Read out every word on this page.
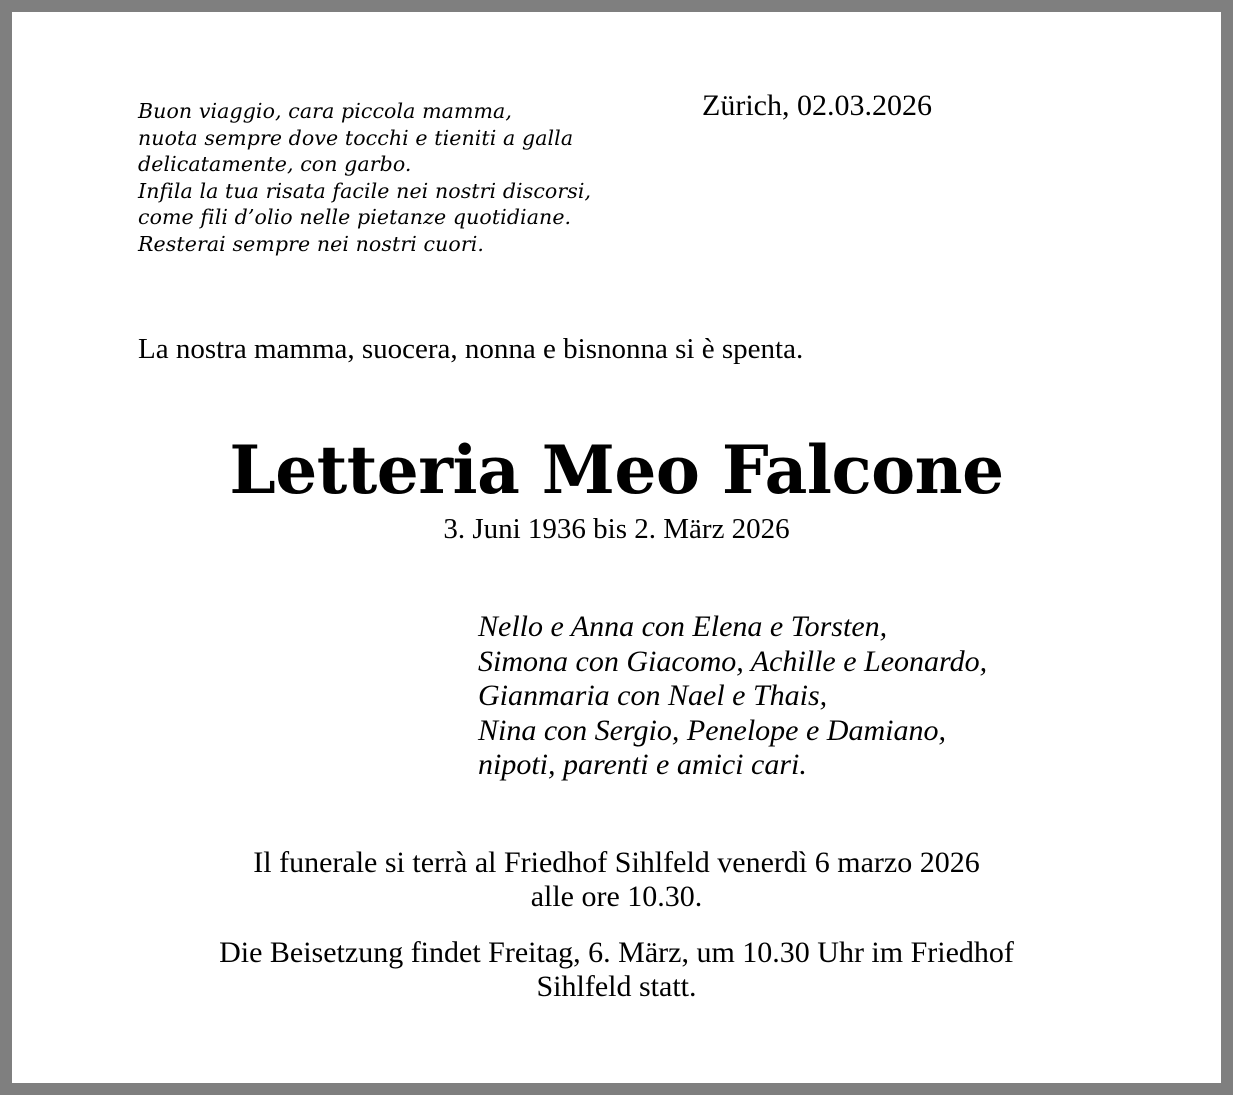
Buon viaggio, cara piccola mamma,
nuota sempre dove tocchi e tieniti a galla
delicatamente, con garbo.
Infila la tua risata facile nei nostri discorsi,
come fili d’olio nelle pietanze quotidiane.
Resterai sempre nei nostri cuori.
Zürich, 02.03.2026
La nostra mamma, suocera, nonna e bisnonna si è spenta.
Letteria Meo Falcone
3. Juni 1936 bis 2. März 2026
Nello e Anna con Elena e Torsten,
Simona con Giacomo, Achille e Leonardo,
Gianmaria con Nael e Thais,
Nina con Sergio, Penelope e Damiano,
nipoti, parenti e amici cari.
Il funerale si terrà al Friedhof Sihlfeld venerdì 6 marzo 2026
alle ore 10.30.
Die Beisetzung findet Freitag, 6. März, um 10.30 Uhr im Friedhof
Sihlfeld statt.
